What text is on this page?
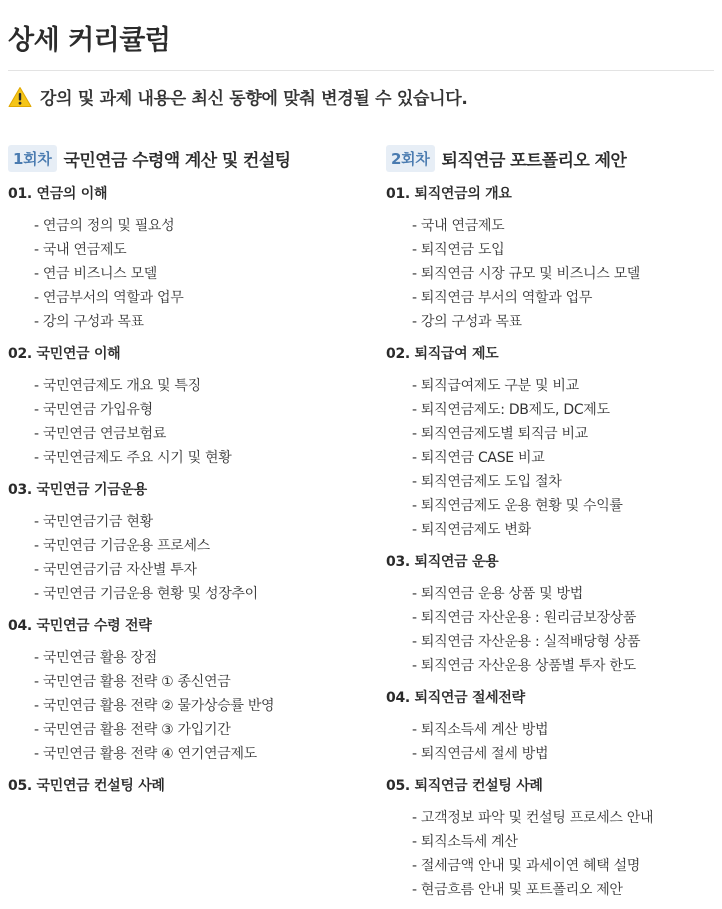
상세 커리큘럼
강의 및 과제 내용은 최신 동향에 맞춰 변경될 수 있습니다.
1회차 국민연금 수령액 계산 및 컨설팅
01. 연금의 이해
- 연금의 정의 및 필요성
- 국내 연금제도
- 연금 비즈니스 모델
- 연금부서의 역할과 업무
- 강의 구성과 목표
02. 국민연금 이해
- 국민연금제도 개요 및 특징
- 국민연금 가입유형
- 국민연금 연금보험료
- 국민연금제도 주요 시기 및 현황
03. 국민연금 기금운용
- 국민연금기금 현황
- 국민연금 기금운용 프로세스
- 국민연금기금 자산별 투자
- 국민연금 기금운용 현황 및 성장추이
04. 국민연금 수령 전략
- 국민연금 활용 장점
- 국민연금 활용 전략 ① 종신연금
- 국민연금 활용 전략 ② 물가상승률 반영
- 국민연금 활용 전략 ③ 가입기간
- 국민연금 활용 전략 ④ 연기연금제도
05. 국민연금 컨설팅 사례
2회차 퇴직연금 포트폴리오 제안
01. 퇴직연금의 개요
- 국내 연금제도
- 퇴직연금 도입
- 퇴직연금 시장 규모 및 비즈니스 모델
- 퇴직연금 부서의 역할과 업무
- 강의 구성과 목표
02. 퇴직급여 제도
- 퇴직급여제도 구분 및 비교
- 퇴직연금제도: DB제도, DC제도
- 퇴직연금제도별 퇴직금 비교
- 퇴직연금 CASE 비교
- 퇴직연금제도 도입 절차
- 퇴직연금제도 운용 현황 및 수익률
- 퇴직연금제도 변화
03. 퇴직연금 운용
- 퇴직연금 운용 상품 및 방법
- 퇴직연금 자산운용 : 원리금보장상품
- 퇴직연금 자산운용 : 실적배당형 상품
- 퇴직연금 자산운용 상품별 투자 한도
04. 퇴직연금 절세전략
- 퇴직소득세 계산 방법
- 퇴직연금세 절세 방법
05. 퇴직연금 컨설팅 사례
- 고객정보 파악 및 컨설팅 프로세스 안내
- 퇴직소득세 계산
- 절세금액 안내 및 과세이연 혜택 설명
- 현금흐름 안내 및 포트폴리오 제안
